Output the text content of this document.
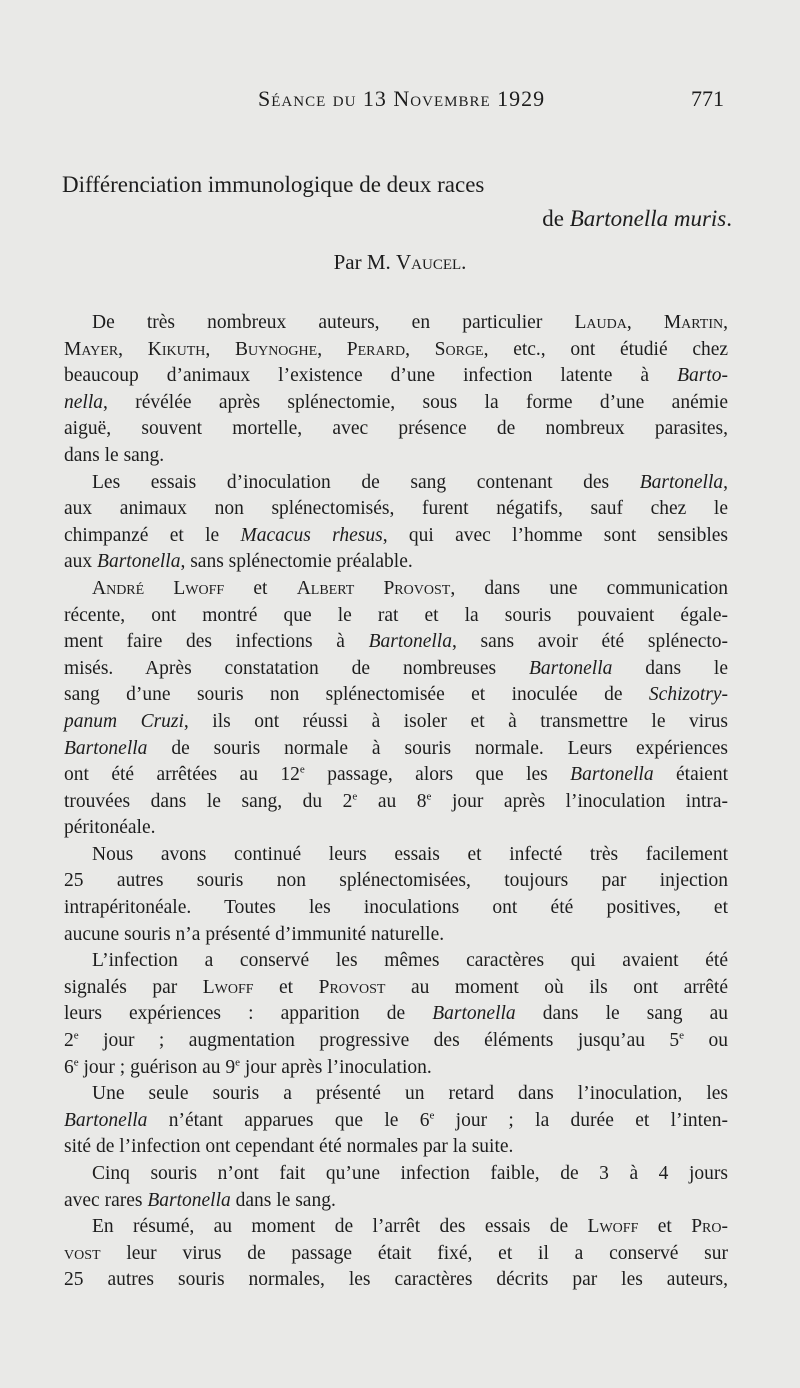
Séance du 13 Novembre 1929	771
Différenciation immunologique de deux races
de Bartonella muris.
Par M. Vaucel.
De très nombreux auteurs, en particulier Lauda, Martin,
Mayer, Kikuth, Buynoghe, Perard, Sorge, etc., ont étudié chez
beaucoup d’animaux l’existence d’une infection latente à Barto-
nella, révélée après splénectomie, sous la forme d’une anémie
aiguë, souvent mortelle, avec présence de nombreux parasites,
dans le sang.
Les essais d’inoculation de sang contenant des Bartonella,
aux animaux non splénectomisés, furent négatifs, sauf chez le
chimpanzé et le Macacus rhesus, qui avec l’homme sont sensibles
aux Bartonella, sans splénectomie préalable.
André Lwoff et Albert Provost, dans une communication
récente, ont montré que le rat et la souris pouvaient égale-
ment faire des infections à Bartonella, sans avoir été splénecto-
misés. Après constatation de nombreuses Bartonella dans le
sang d’une souris non splénectomisée et inoculée de Schizotry-
panum Cruzi, ils ont réussi à isoler et à transmettre le virus
Bartonella de souris normale à souris normale. Leurs expériences
ont été arrêtées au 12e passage, alors que les Bartonella étaient
trouvées dans le sang, du 2e au 8e jour après l’inoculation intra-
péritonéale.
Nous avons continué leurs essais et infecté très facilement
25 autres souris non splénectomisées, toujours par injection
intrapéritonéale. Toutes les inoculations ont été positives, et
aucune souris n’a présenté d’immunité naturelle.
L’infection a conservé les mêmes caractères qui avaient été
signalés par Lwoff et Provost au moment où ils ont arrêté
leurs expériences : apparition de Bartonella dans le sang au
2e jour ; augmentation progressive des éléments jusqu’au 5e ou
6e jour ; guérison au 9e jour après l’inoculation.
Une seule souris a présenté un retard dans l’inoculation, les
Bartonella n’étant apparues que le 6e jour ; la durée et l’inten-
sité de l’infection ont cependant été normales par la suite.
Cinq souris n’ont fait qu’une infection faible, de 3 à 4 jours
avec rares Bartonella dans le sang.
En résumé, au moment de l’arrêt des essais de Lwoff et Pro-
vost leur virus de passage était fixé, et il a conservé sur
25 autres souris normales, les caractères décrits par les auteurs,
